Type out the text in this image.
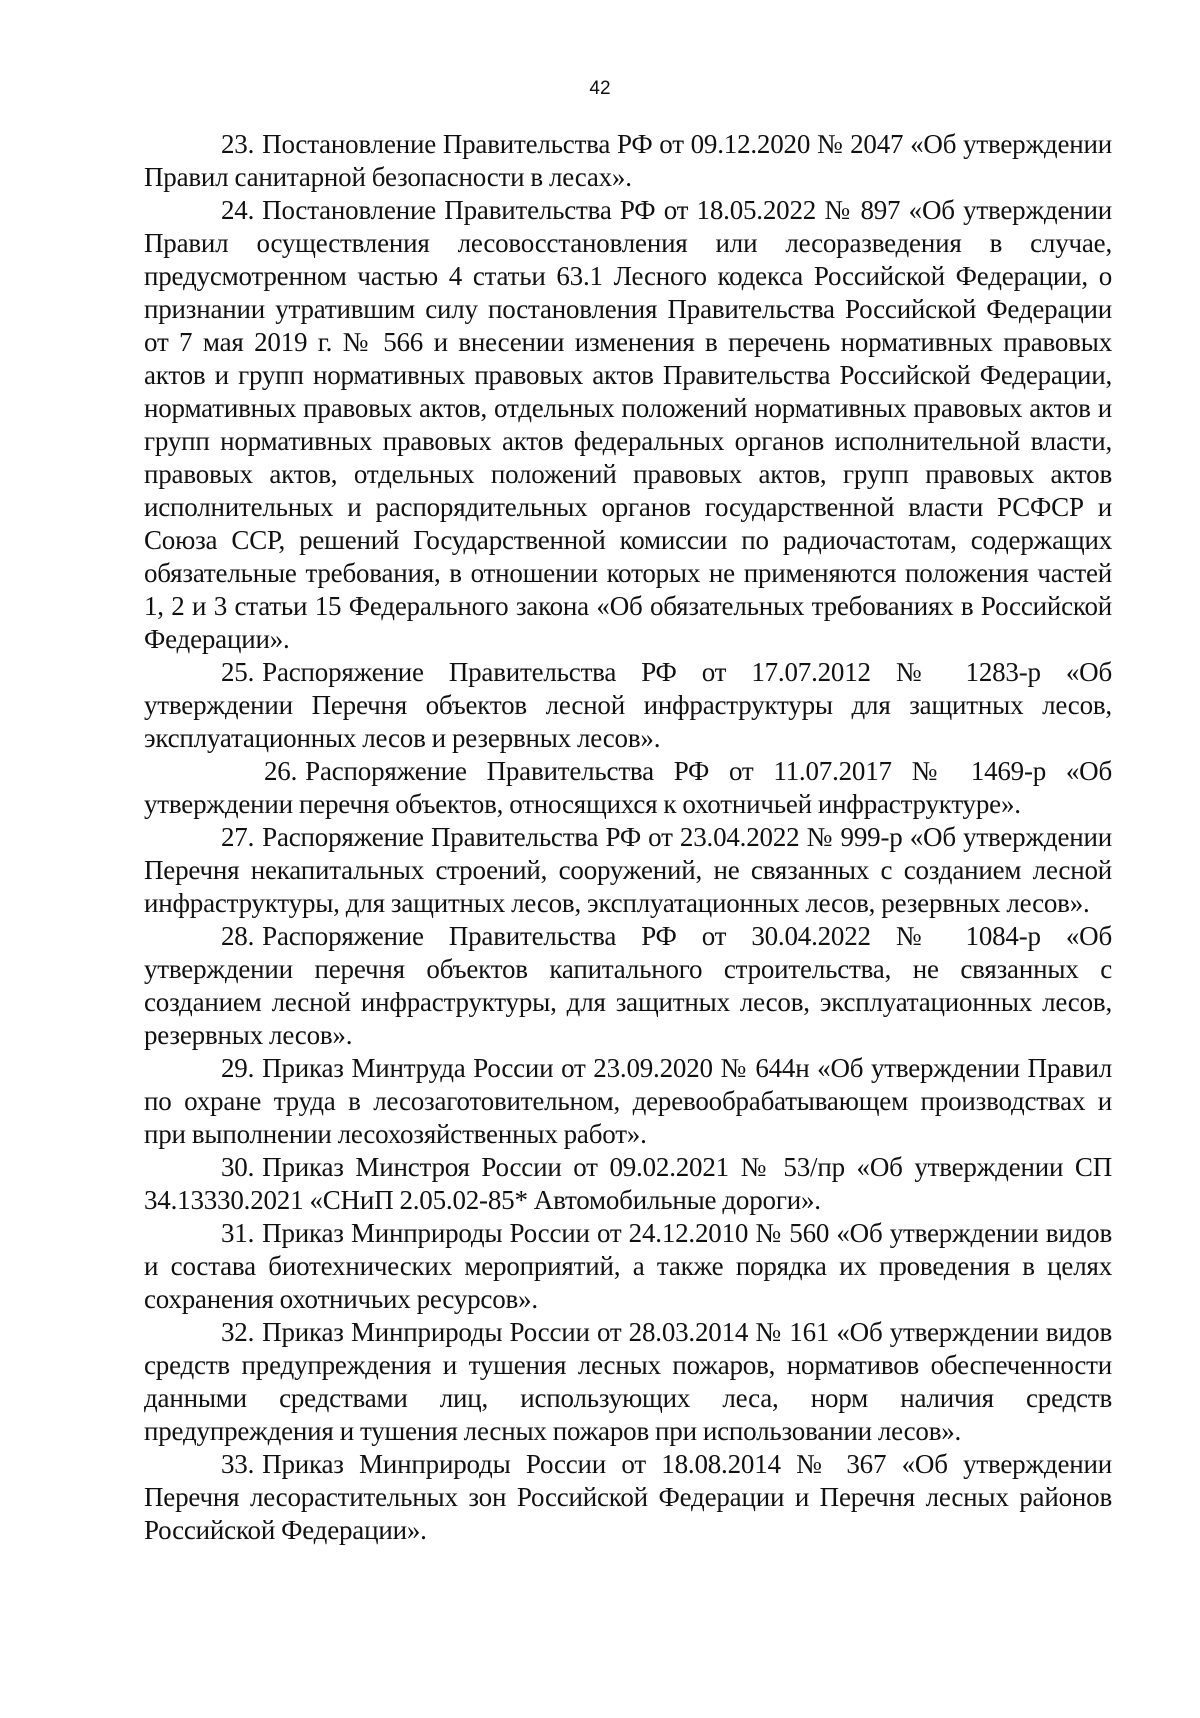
42

23. Постановление Правительства РФ от 09.12.2020 № 2047 «Об утверждении Правил санитарной безопасности в лесах».

24. Постановление Правительства РФ от 18.05.2022 № 897 «Об утверждении Правил осуществления лесовосстановления или лесоразведения в случае, предусмотренном частью 4 статьи 63.1 Лесного кодекса Российской Федерации, о признании утратившим силу постановления Правительства Российской Федерации от 7 мая 2019 г. № 566 и внесении изменения в перечень нормативных правовых актов и групп нормативных правовых актов Правительства Российской Федерации, нормативных правовых актов, отдельных положений нормативных правовых актов и групп нормативных правовых актов федеральных органов исполнительной власти, правовых актов, отдельных положений правовых актов, групп правовых актов исполнительных и распорядительных органов государственной власти РСФСР и Союза ССР, решений Государственной комиссии по радиочастотам, содержащих обязательные требования, в отношении которых не применяются положения частей 1, 2 и 3 статьи 15 Федерального закона «Об обязательных требованиях в Российской Федерации».

25. Распоряжение Правительства РФ от 17.07.2012 № 1283-р «Об утверждении Перечня объектов лесной инфраструктуры для защитных лесов, эксплуатационных лесов и резервных лесов».

26. Распоряжение Правительства РФ от 11.07.2017 № 1469-р «Об утверждении перечня объектов, относящихся к охотничьей инфраструктуре».

27. Распоряжение Правительства РФ от 23.04.2022 № 999-р «Об утверждении Перечня некапитальных строений, сооружений, не связанных с созданием лесной инфраструктуры, для защитных лесов, эксплуатационных лесов, резервных лесов».

28. Распоряжение Правительства РФ от 30.04.2022 № 1084-р «Об утверждении перечня объектов капитального строительства, не связанных с созданием лесной инфраструктуры, для защитных лесов, эксплуатационных лесов, резервных лесов».

29. Приказ Минтруда России от 23.09.2020 № 644н «Об утверждении Правил по охране труда в лесозаготовительном, деревообрабатывающем производствах и при выполнении лесохозяйственных работ».

30. Приказ Минстроя России от 09.02.2021 № 53/пр «Об утверждении СП 34.13330.2021 «СНиП 2.05.02-85* Автомобильные дороги».

31. Приказ Минприроды России от 24.12.2010 № 560 «Об утверждении видов и состава биотехнических мероприятий, а также порядка их проведения в целях сохранения охотничьих ресурсов».

32. Приказ Минприроды России от 28.03.2014 № 161 «Об утверждении видов средств предупреждения и тушения лесных пожаров, нормативов обеспеченности данными средствами лиц, использующих леса, норм наличия средств предупреждения и тушения лесных пожаров при использовании лесов».

33. Приказ Минприроды России от 18.08.2014 № 367 «Об утверждении Перечня лесорастительных зон Российской Федерации и Перечня лесных районов Российской Федерации».
